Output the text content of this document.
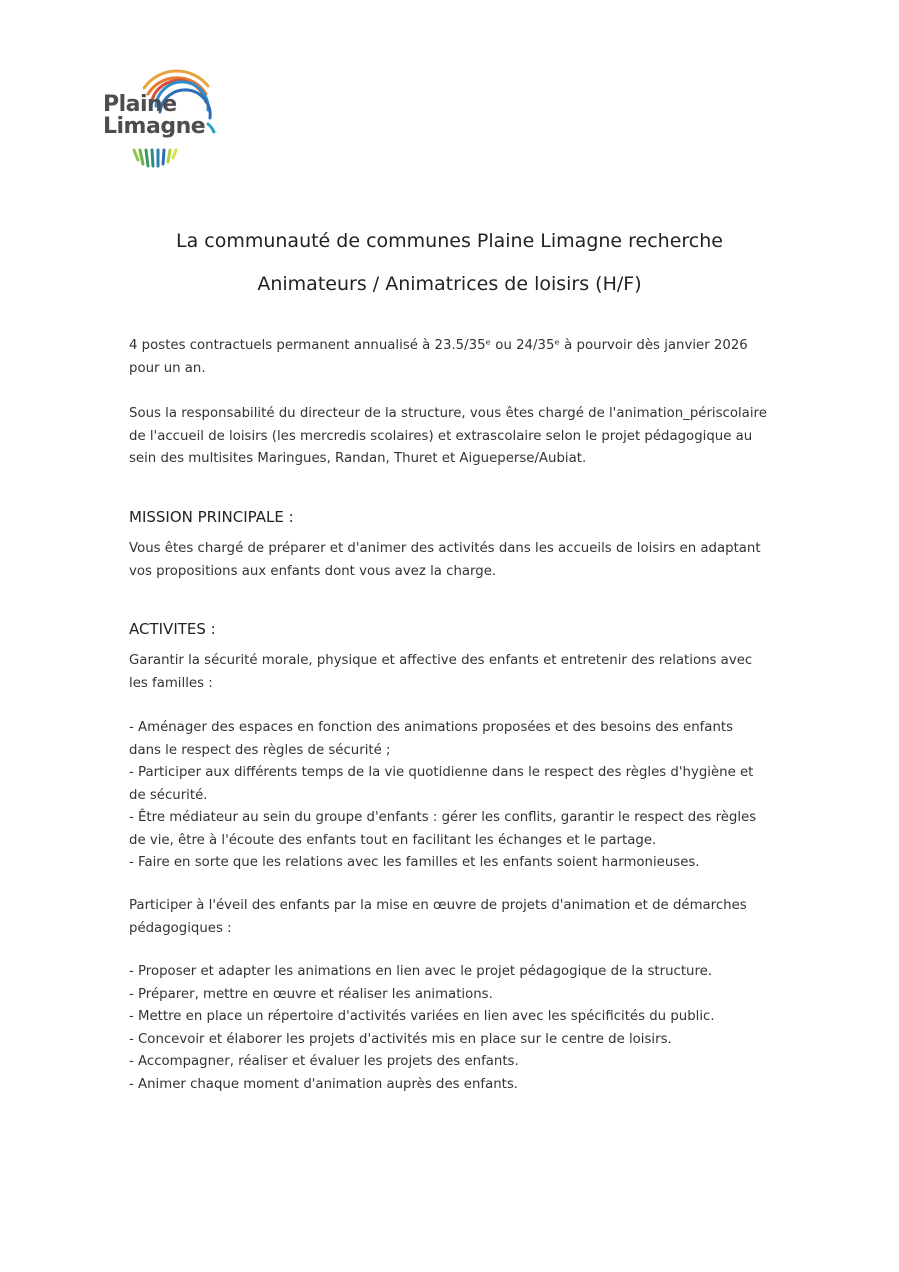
Plaine
Limagne
La communauté de communes Plaine Limagne recherche
Animateurs / Animatrices de loisirs (H/F)
4 postes contractuels permanent annualisé à 23.5/35ᵉ ou 24/35ᵉ à pourvoir dès janvier 2026
pour un an.
Sous la responsabilité du directeur de la structure, vous êtes chargé de l'animation_périscolaire
de l'accueil de loisirs (les mercredis scolaires) et extrascolaire selon le projet pédagogique au
sein des multisites Maringues, Randan, Thuret et Aigueperse/Aubiat.
MISSION PRINCIPALE :
Vous êtes chargé de préparer et d'animer des activités dans les accueils de loisirs en adaptant
vos propositions aux enfants dont vous avez la charge.
ACTIVITES :
Garantir la sécurité morale, physique et affective des enfants et entretenir des relations avec
les familles :
- Aménager des espaces en fonction des animations proposées et des besoins des enfants
dans le respect des règles de sécurité ;
- Participer aux différents temps de la vie quotidienne dans le respect des règles d'hygiène et
de sécurité.
- Être médiateur au sein du groupe d'enfants : gérer les conflits, garantir le respect des règles
de vie, être à l'écoute des enfants tout en facilitant les échanges et le partage.
- Faire en sorte que les relations avec les familles et les enfants soient harmonieuses.
Participer à l'éveil des enfants par la mise en œuvre de projets d'animation et de démarches
pédagogiques :
- Proposer et adapter les animations en lien avec le projet pédagogique de la structure.
- Préparer, mettre en œuvre et réaliser les animations.
- Mettre en place un répertoire d'activités variées en lien avec les spécificités du public.
- Concevoir et élaborer les projets d'activités mis en place sur le centre de loisirs.
- Accompagner, réaliser et évaluer les projets des enfants.
- Animer chaque moment d'animation auprès des enfants.
